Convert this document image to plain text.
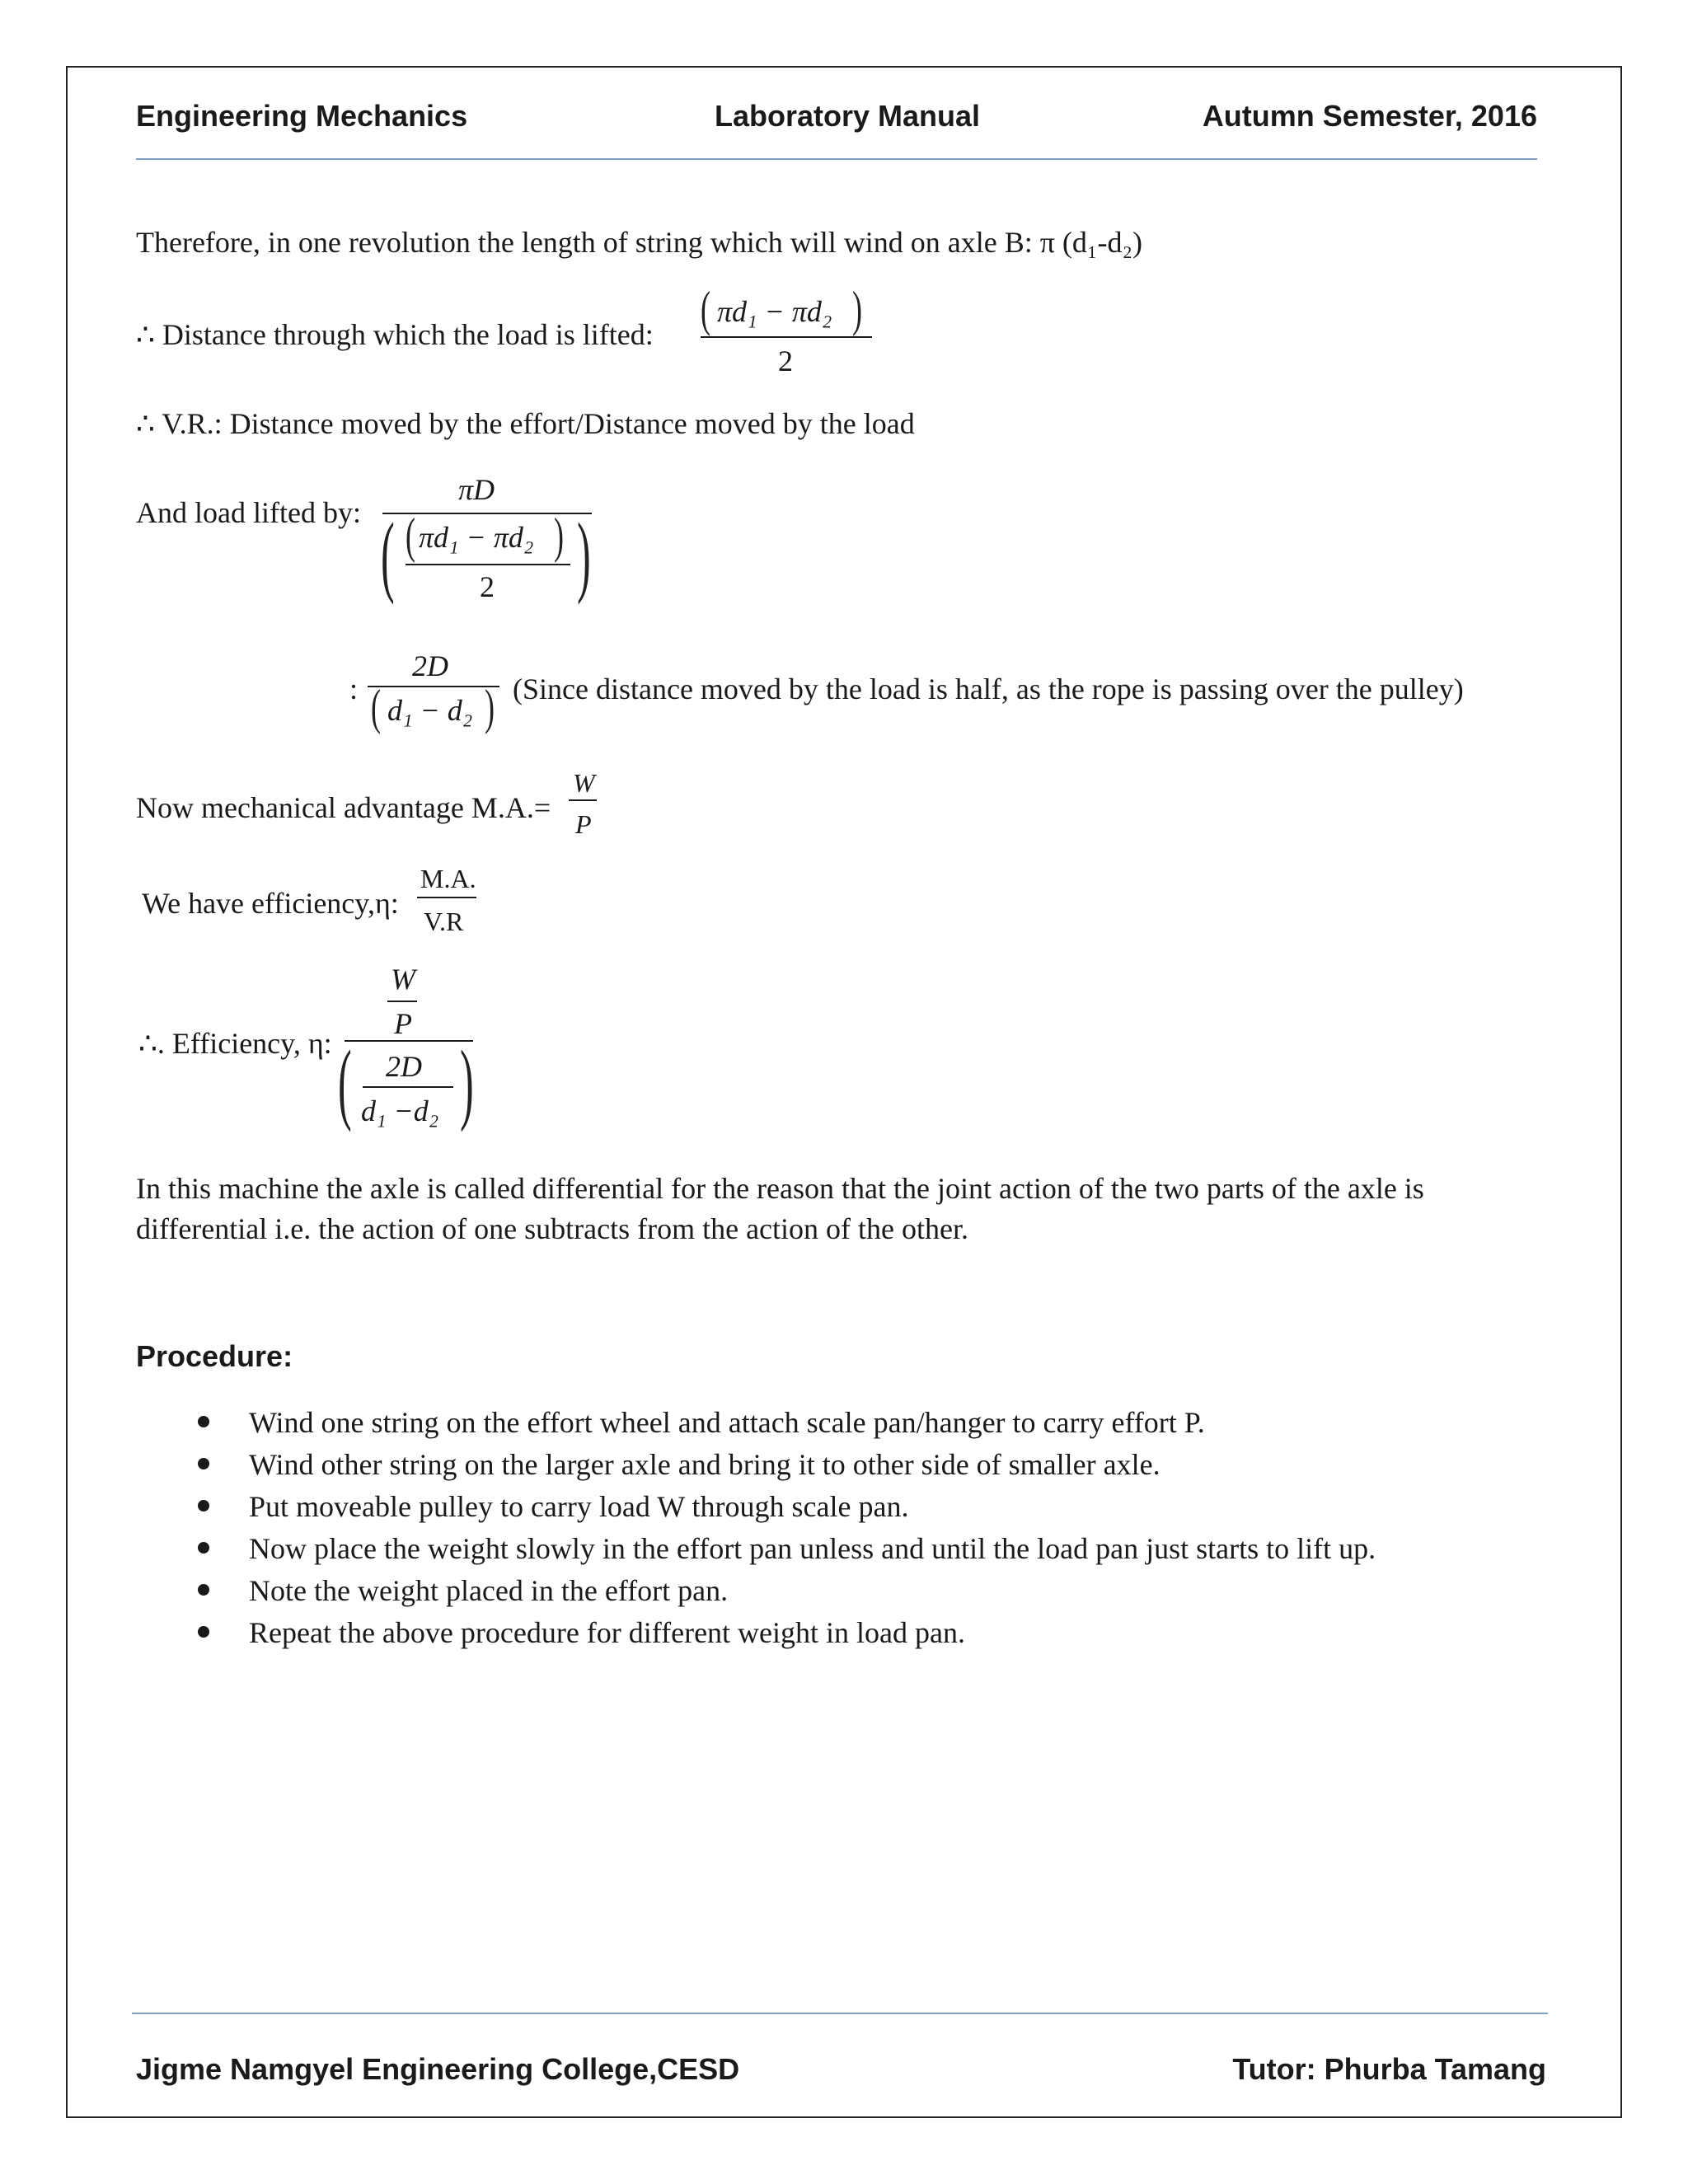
Engineering Mechanics	Laboratory Manual	Autumn Semester, 2016
Therefore, in one revolution the length of string which will wind on axle B: π (d₁-d₂)
∴ Distance through which the load is lifted: ( πd₁ − πd₂ )
2
∴ V.R.: Distance moved by the effort/Distance moved by the load
And load lifted by:
πD
( ( πd₁ − πd₂ )
2 )
:
2D
( d₁ − d₂ ) (Since distance moved by the load is half, as the rope is passing over the pulley)
Now mechanical advantage M.A.=
W
P
We have efficiency,η:
M.A.
V.R
∴. Efficiency, η:
W
P
( 2D
d₁ −d₂ )
In this machine the axle is called differential for the reason that the joint action of the two parts of the axle is
differential i.e. the action of one subtracts from the action of the other.
Procedure:
Wind one string on the effort wheel and attach scale pan/hanger to carry effort P.
Wind other string on the larger axle and bring it to other side of smaller axle.
Put moveable pulley to carry load W through scale pan.
Now place the weight slowly in the effort pan unless and until the load pan just starts to lift up.
Note the weight placed in the effort pan.
Repeat the above procedure for different weight in load pan.
Jigme Namgyel Engineering College,CESD	Tutor: Phurba Tamang
